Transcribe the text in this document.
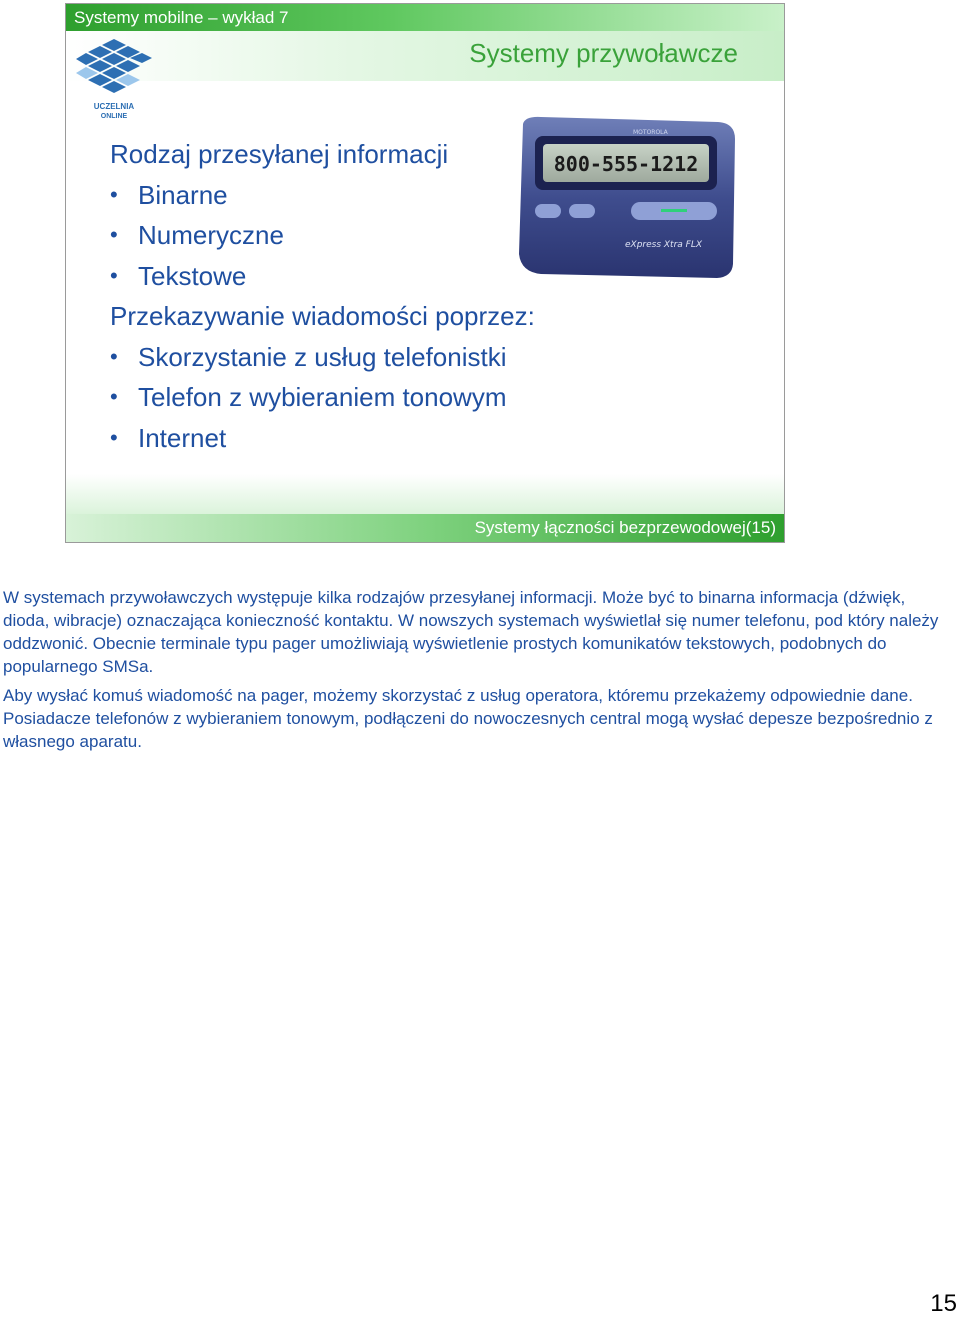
Systemy mobilne – wykład 7
Systemy przywoławcze
UCZELNIA
ONLINE
Rodzaj przesyłanej informacji
• Binarne
• Numeryczne
• Tekstowe
Przekazywanie wiadomości poprzez:
• Skorzystanie z usług telefonistki
• Telefon z wybieraniem tonowym
• Internet
800-555-1212
MOTOROLA
eXpress Xtra FLX
Systemy łączności bezprzewodowej(15)

W systemach przywoławczych występuje kilka rodzajów przesyłanej informacji. Może być to binarna informacja (dźwięk, dioda, wibracje) oznaczająca konieczność kontaktu. W nowszych systemach wyświetlał się numer telefonu, pod który należy oddzwonić. Obecnie terminale typu pager umożliwiają wyświetlenie prostych komunikatów tekstowych, podobnych do popularnego SMSa.

Aby wysłać komuś wiadomość na pager, możemy skorzystać z usług operatora, któremu przekażemy odpowiednie dane. Posiadacze telefonów z wybieraniem tonowym, podłączeni do nowoczesnych central mogą wysłać depesze bezpośrednio z własnego aparatu.

15
